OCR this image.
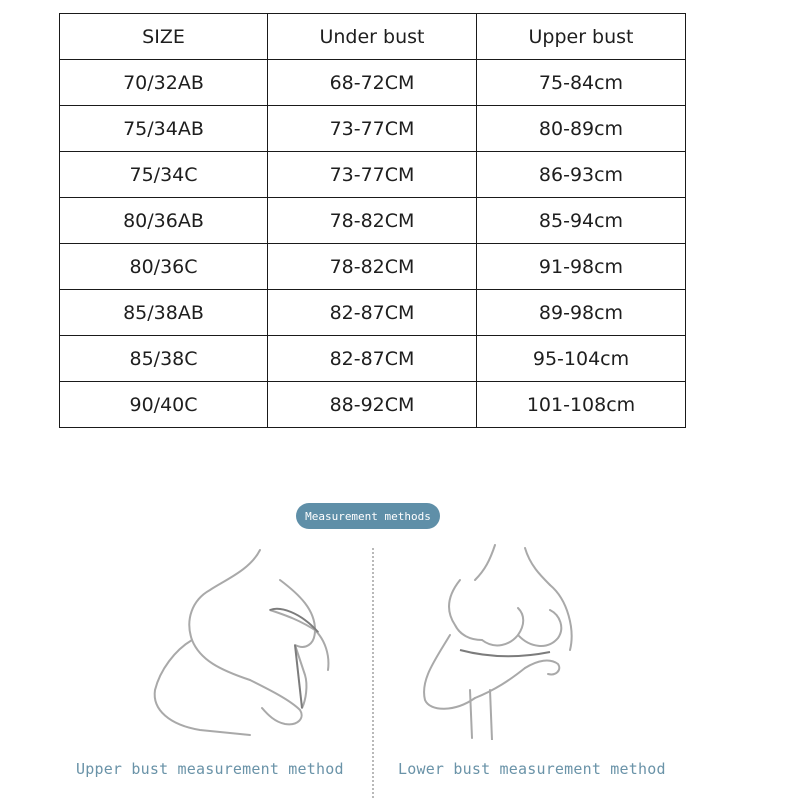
SIZE	Under bust	Upper bust
70/32AB	68-72CM	75-84cm
75/34AB	73-77CM	80-89cm
75/34C	73-77CM	86-93cm
80/36AB	78-82CM	85-94cm
80/36C	78-82CM	91-98cm
85/38AB	82-87CM	89-98cm
85/38C	82-87CM	95-104cm
90/40C	88-92CM	101-108cm
Measurement methods
Upper bust measurement method	Lower bust measurement method
